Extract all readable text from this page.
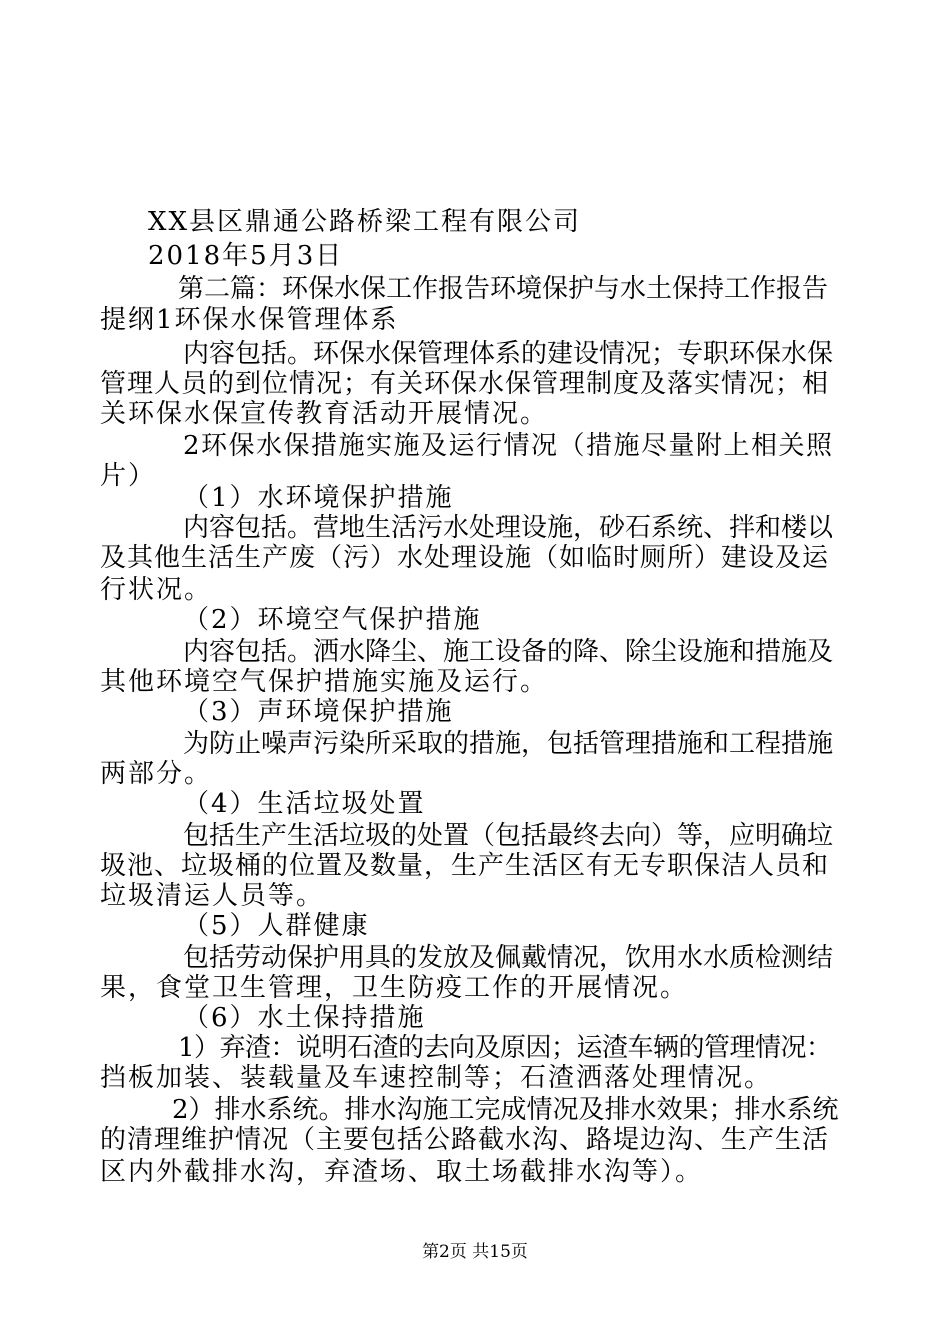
XX县区鼎通公路桥梁工程有限公司
2018年5月3日
第二篇：环保水保工作报告环境保护与水土保持工作报告
提纲1环保水保管理体系
内容包括。环保水保管理体系的建设情况；专职环保水保
管理人员的到位情况；有关环保水保管理制度及落实情况；相
关环保水保宣传教育活动开展情况。
2环保水保措施实施及运行情况（措施尽量附上相关照
片）
（1）水环境保护措施
内容包括。营地生活污水处理设施，砂石系统、拌和楼以
及其他生活生产废（污）水处理设施（如临时厕所）建设及运
行状况。
（2）环境空气保护措施
内容包括。洒水降尘、施工设备的降、除尘设施和措施及
其他环境空气保护措施实施及运行。
（3）声环境保护措施
为防止噪声污染所采取的措施，包括管理措施和工程措施
两部分。
（4）生活垃圾处置
包括生产生活垃圾的处置（包括最终去向）等，应明确垃
圾池、垃圾桶的位置及数量，生产生活区有无专职保洁人员和
垃圾清运人员等。
（5）人群健康
包括劳动保护用具的发放及佩戴情况，饮用水水质检测结
果，食堂卫生管理，卫生防疫工作的开展情况。
（6）水土保持措施
1）弃渣：说明石渣的去向及原因；运渣车辆的管理情况：
挡板加装、装载量及车速控制等；石渣洒落处理情况。
2）排水系统。排水沟施工完成情况及排水效果；排水系统
的清理维护情况（主要包括公路截水沟、路堤边沟、生产生活
区内外截排水沟，弃渣场、取土场截排水沟等）。
第2页 共15页
